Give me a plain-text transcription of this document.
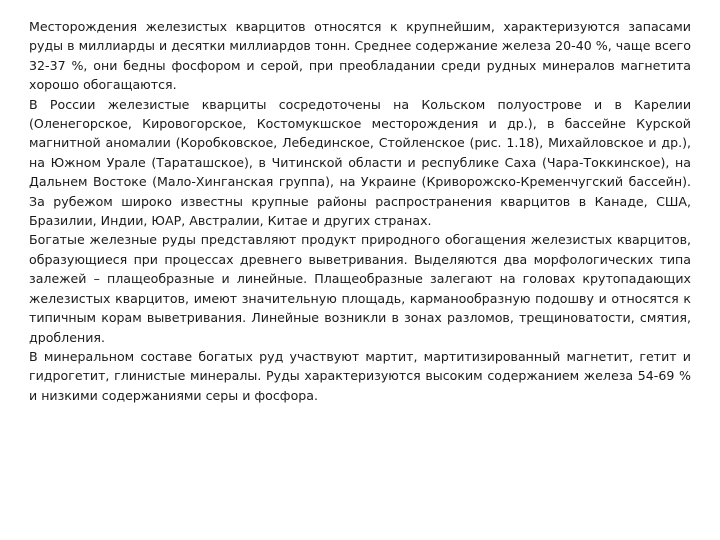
Месторождения железистых кварцитов относятся к крупнейшим, характеризуются запасами руды в миллиарды и десятки миллиардов тонн. Среднее содержание железа 20-40 %, чаще всего 32-37 %, они бедны фосфором и серой, при преобладании среди рудных минералов магнетита хорошо обогащаются.

В России железистые кварциты сосредоточены на Кольском полуострове и в Карелии (Оленегорское, Кировогорское, Костомукшское месторождения и др.), в бассейне Курской магнитной аномалии (Коробковское, Лебединское, Стойленское (рис. 1.18), Михайловское и др.), на Южном Урале (Тараташское), в Читинской области и республике Саха (Чара-Токкинское), на Дальнем Востоке (Мало-Хинганская группа), на Украине (Криворожско-Кременчугский бассейн). За рубежом широко известны крупные районы распространения кварцитов в Канаде, США, Бразилии, Индии, ЮАР, Австралии, Китае и других странах.

Богатые железные руды представляют продукт природного обогащения железистых кварцитов, образующиеся при процессах древнего выветривания. Выделяются два морфологических типа залежей – плащеобразные и линейные. Плащеобразные залегают на головах крутопадающих железистых кварцитов, имеют значительную площадь, карманообразную подошву и относятся к типичным корам выветривания. Линейные возникли в зонах разломов, трещиноватости, смятия, дробления.

В минеральном составе богатых руд участвуют мартит, мартитизированный магнетит, гетит и гидрогетит, глинистые минералы. Руды характеризуются высоким содержанием железа 54-69 % и низкими содержаниями серы и фосфора.
